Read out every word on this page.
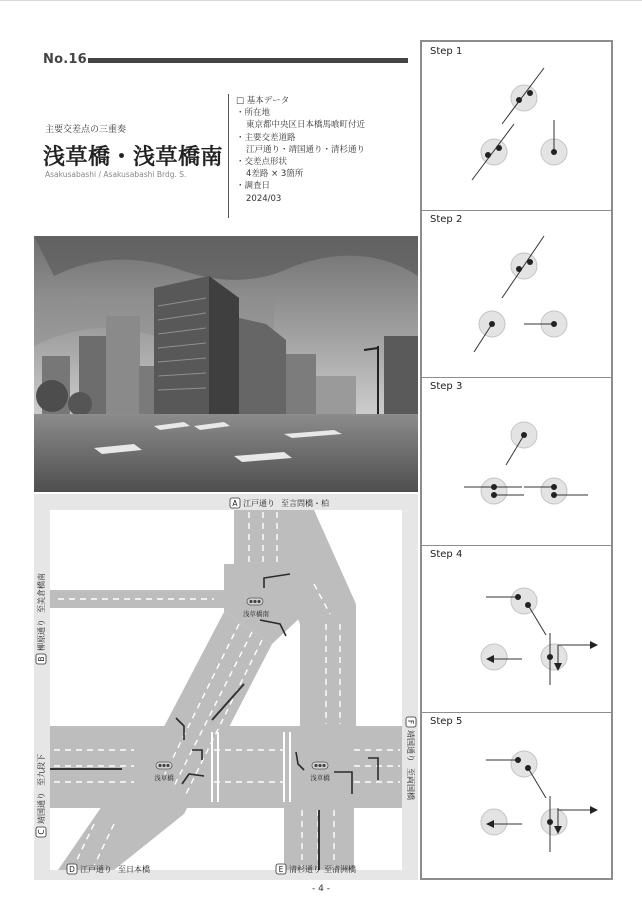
No.16
主要交差点の三重奏
浅草橋・浅草橋南
Asakusabashi / Asakusabashi Brdg. S.
□ 基本データ
・所在地
東京都中央区日本橋馬喰町付近
・主要交差道路
江戸通り・靖国通り・清杉通り
・交差点形状
4差路 × 3箇所
・調査日
2024/03
浅草橋南
浅草橋	浅草橋
A 江戸通り 至言問橋・柏
B
柳原通り
至美倉橋南
C
靖国通り
至九段下
D 江戸通り 至日本橋	E 清杉通り 至清洲橋
F
靖国通り
至両国橋
Step 1
Step 2
Step 3
Step 4
Step 5
- 4 -
